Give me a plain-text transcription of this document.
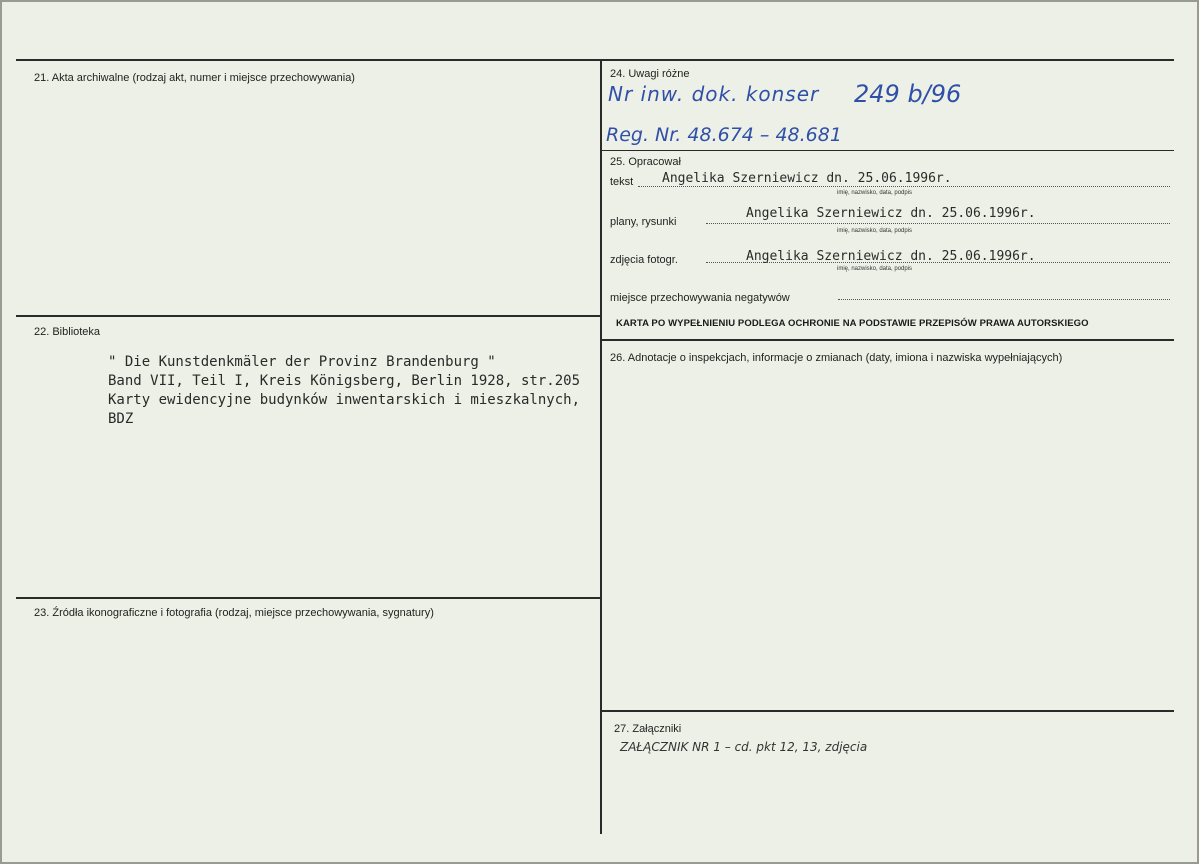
21. Akta archiwalne (rodzaj akt, numer i miejsce przechowywania)
22. Biblioteka
" Die Kunstdenkmäler der Provinz Brandenburg "
Band VII, Teil I, Kreis Königsberg, Berlin 1928, str.205
Karty ewidencyjne budynków inwentarskich i mieszkalnych,
BDZ
23. Źródła ikonograficzne i fotografia (rodzaj, miejsce przechowywania, sygnatury)
24. Uwagi różne
Nr inw. dok. konser 249 b/96
Reg. Nr. 48.674 – 48.681
25. Opracował
tekst Angelika Szerniewicz dn. 25.06.1996r.
imię, nazwisko, data, podpis
plany, rysunki
Angelika Szerniewicz dn. 25.06.1996r.
imię, nazwisko, data, podpis
zdjęcia fotogr.	Angelika Szerniewicz dn. 25.06.1996r.
imię, nazwisko, data, podpis
miejsce przechowywania negatywów
KARTA PO WYPEŁNIENIU PODLEGA OCHRONIE NA PODSTAWIE PRZEPISÓW PRAWA AUTORSKIEGO
26. Adnotacje o inspekcjach, informacje o zmianach (daty, imiona i nazwiska wypełniających)
27. Załączniki
ZAŁĄCZNIK NR 1 – cd. pkt 12, 13, zdjęcia
